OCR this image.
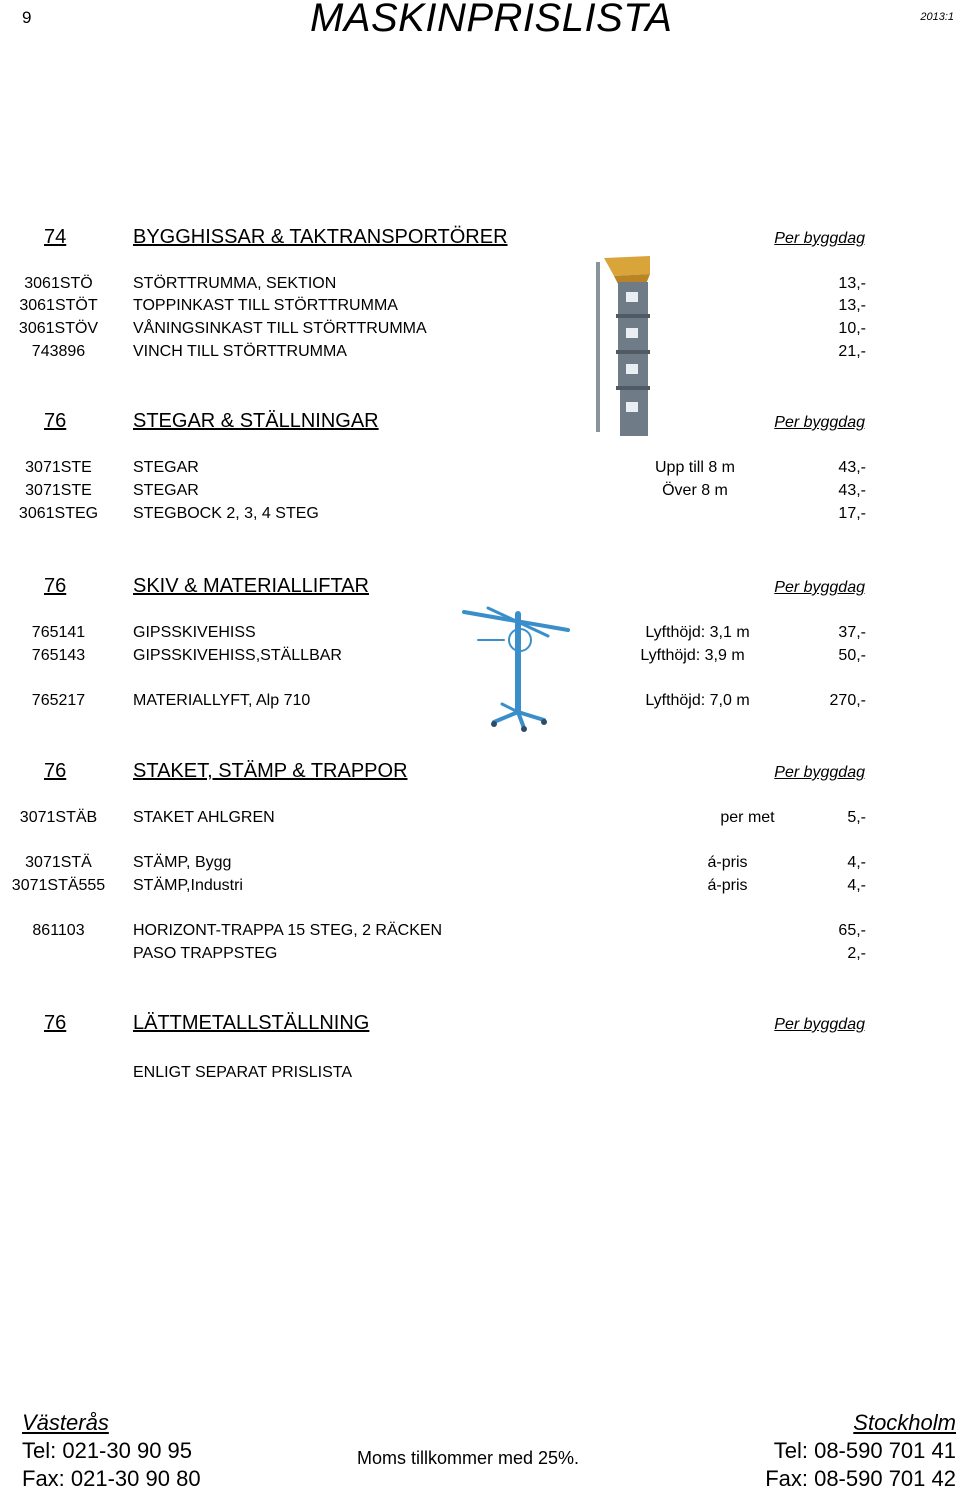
9	MASKINPRISLISTA	2013:1
74	BYGGHISSAR & TAKTRANSPORTÖRER	Per byggdag
3061STÖ	STÖRTTRUMMA, SEKTION	13,-
3061STÖT	TOPPINKAST TILL STÖRTTRUMMA	13,-
3061STÖV	VÅNINGSINKAST TILL STÖRTTRUMMA	10,-
743896	VINCH TILL STÖRTTRUMMA	21,-
76	STEGAR & STÄLLNINGAR	Per byggdag
3071STE	STEGAR	Upp till 8 m	43,-
3071STE	STEGAR	Över 8 m	43,-
3061STEG	STEGBOCK 2, 3, 4 STEG	17,-
76	SKIV & MATERIALLIFTAR	Per byggdag
765141	GIPSSKIVEHISS	Lyfthöjd: 3,1 m	37,-
765143	GIPSSKIVEHISS,STÄLLBAR	Lyfthöjd: 3,9 m	50,-
765217	MATERIALLYFT, Alp 710	Lyfthöjd: 7,0 m	270,-
76	STAKET, STÄMP & TRAPPOR	Per byggdag
3071STÄB	STAKET AHLGREN	per met	5,-
3071STÄ	STÄMP, Bygg	á-pris	4,-
3071STÄ555	STÄMP,Industri	á-pris	4,-
861103	HORIZONT-TRAPPA 15 STEG, 2 RÄCKEN	65,-
PASO TRAPPSTEG	2,-
76	LÄTTMETALLSTÄLLNING	Per byggdag
ENLIGT SEPARAT PRISLISTA
Västerås
Tel: 021-30 90 95
Fax: 021-30 90 80
Moms tillkommer med 25%.
Stockholm
Tel: 08-590 701 41
Fax: 08-590 701 42
